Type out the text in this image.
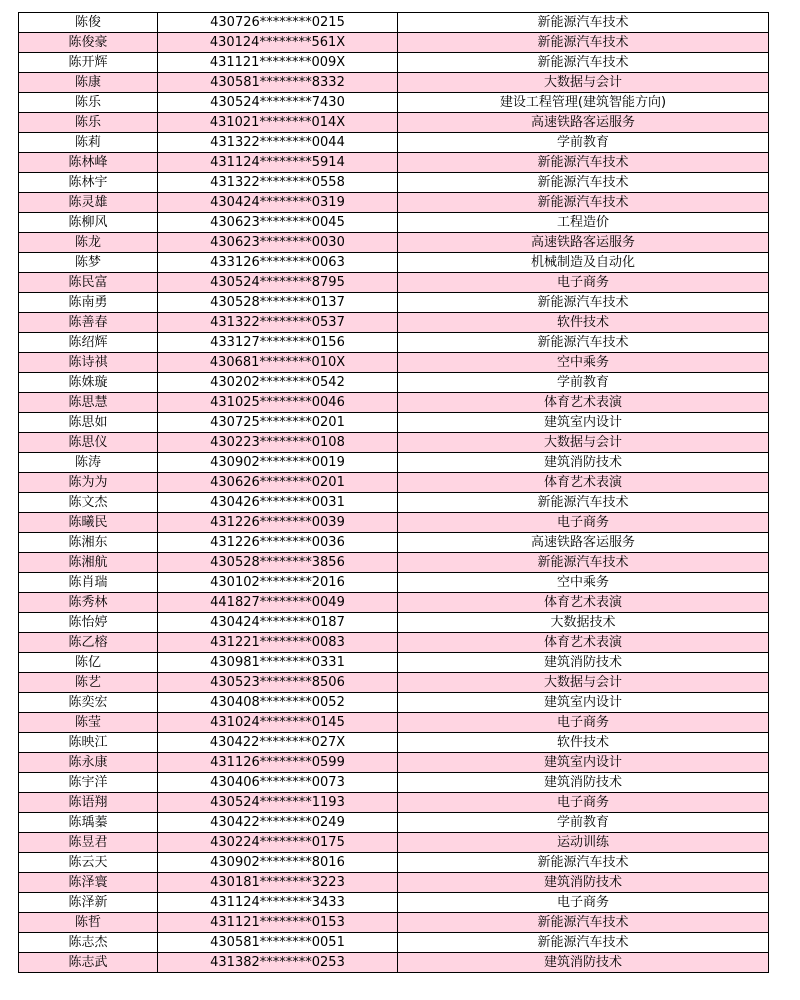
陈俊	430726********0215	新能源汽车技术
陈俊豪	430124********561X	新能源汽车技术
陈开辉	431121********009X	新能源汽车技术
陈康	430581********8332	大数据与会计
陈乐	430524********7430	建设工程管理(建筑智能方向)
陈乐	431021********014X	高速铁路客运服务
陈莉	431322********0044	学前教育
陈林峰	431124********5914	新能源汽车技术
陈林宇	431322********0558	新能源汽车技术
陈灵雄	430424********0319	新能源汽车技术
陈柳风	430623********0045	工程造价
陈龙	430623********0030	高速铁路客运服务
陈梦	433126********0063	机械制造及自动化
陈民富	430524********8795	电子商务
陈南勇	430528********0137	新能源汽车技术
陈善春	431322********0537	软件技术
陈绍辉	433127********0156	新能源汽车技术
陈诗祺	430681********010X	空中乘务
陈姝璇	430202********0542	学前教育
陈思慧	431025********0046	体育艺术表演
陈思如	430725********0201	建筑室内设计
陈思仪	430223********0108	大数据与会计
陈涛	430902********0019	建筑消防技术
陈为为	430626********0201	体育艺术表演
陈文杰	430426********0031	新能源汽车技术
陈曦民	431226********0039	电子商务
陈湘东	431226********0036	高速铁路客运服务
陈湘航	430528********3856	新能源汽车技术
陈肖瑞	430102********2016	空中乘务
陈秀林	441827********0049	体育艺术表演
陈怡婷	430424********0187	大数据技术
陈乙榕	431221********0083	体育艺术表演
陈亿	430981********0331	建筑消防技术
陈艺	430523********8506	大数据与会计
陈奕宏	430408********0052	建筑室内设计
陈莹	431024********0145	电子商务
陈映江	430422********027X	软件技术
陈永康	431126********0599	建筑室内设计
陈宇洋	430406********0073	建筑消防技术
陈语翔	430524********1193	电子商务
陈瑀蓁	430422********0249	学前教育
陈昱君	430224********0175	运动训练
陈云天	430902********8016	新能源汽车技术
陈泽寰	430181********3223	建筑消防技术
陈泽新	431124********3433	电子商务
陈哲	431121********0153	新能源汽车技术
陈志杰	430581********0051	新能源汽车技术
陈志武	431382********0253	建筑消防技术
